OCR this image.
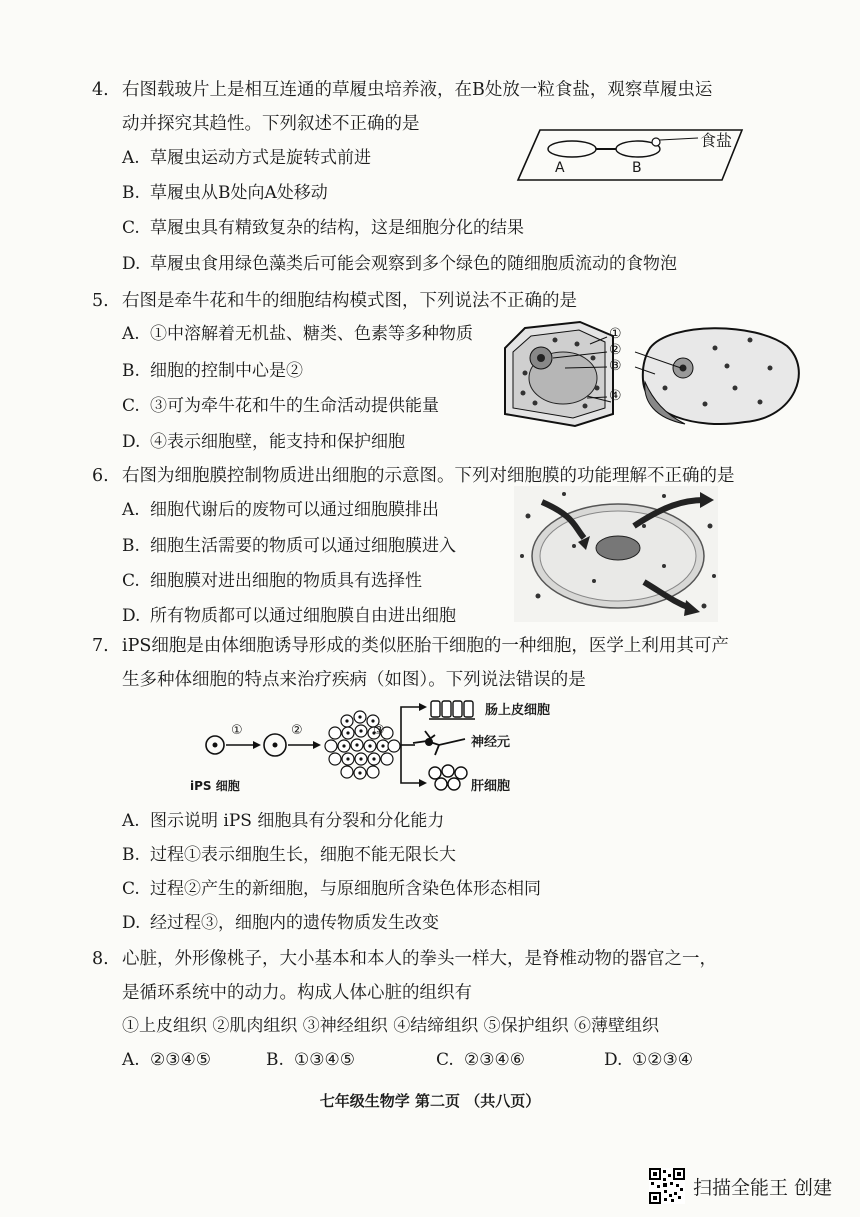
4. 右图载玻片上是相互连通的草履虫培养液，在B处放一粒食盐，观察草履虫运
动并探究其趋性。下列叙述不正确的是
A. 草履虫运动方式是旋转式前进
B. 草履虫从B处向A处移动
C. 草履虫具有精致复杂的结构，这是细胞分化的结果
D. 草履虫食用绿色藻类后可能会观察到多个绿色的随细胞质流动的食物泡
A	B
食盐
5. 右图是牵牛花和牛的细胞结构模式图，下列说法不正确的是
A. ①中溶解着无机盐、糖类、色素等多种物质
B. 细胞的控制中心是②
C. ③可为牵牛花和牛的生命活动提供能量
D. ④表示细胞壁，能支持和保护细胞
①
②
③
④
6. 右图为细胞膜控制物质进出细胞的示意图。下列对细胞膜的功能理解不正确的是
A. 细胞代谢后的废物可以通过细胞膜排出
B. 细胞生活需要的物质可以通过细胞膜进入
C. 细胞膜对进出细胞的物质具有选择性
D. 所有物质都可以通过细胞膜自由进出细胞
7. iPS细胞是由体细胞诱导形成的类似胚胎干细胞的一种细胞，医学上利用其可产
生多种体细胞的特点来治疗疾病（如图）。下列说法错误的是
①	②	③
iPS 细胞
肠上皮细胞
神经元
肝细胞
A. 图示说明 iPS 细胞具有分裂和分化能力
B. 过程①表示细胞生长，细胞不能无限长大
C. 过程②产生的新细胞，与原细胞所含染色体形态相同
D. 经过程③，细胞内的遗传物质发生改变
8. 心脏，外形像桃子，大小基本和本人的拳头一样大，是脊椎动物的器官之一，
是循环系统中的动力。构成人体心脏的组织有
①上皮组织 ②肌肉组织 ③神经组织 ④结缔组织 ⑤保护组织 ⑥薄壁组织
A. ②③④⑤	B. ①③④⑤	C. ②③④⑥	D. ①②③④
七年级生物学 第二页 （共八页）
扫描全能王 创建
